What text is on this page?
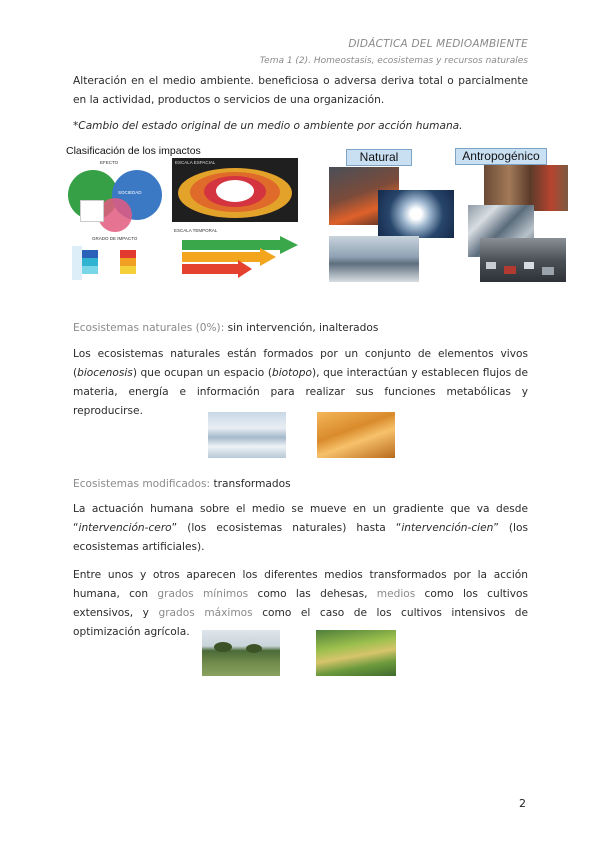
DIDÁCTICA DEL MEDIOAMBIENTE
Tema 1 (2). Homeostasis, ecosistemas y recursos naturales
Alteración en el medio ambiente. beneficiosa o adversa deriva total o parcialmente en la actividad, productos o servicios de una organización.
*Cambio del estado original de un medio o ambiente por acción humana.
Clasificación de los impactos
EFECTO
SOCIEDAD
ESCALA ESPACIAL
GRADO DE IMPACTO
ESCALA TEMPORAL
Natural	Antropogénico
Ecosistemas naturales (0%): sin intervención, inalterados
Los ecosistemas naturales están formados por un conjunto de elementos vivos (biocenosis) que ocupan un espacio (biotopo), que interactúan y establecen flujos de materia, energía e información para realizar sus funciones metabólicas y reproducirse.
Ecosistemas modificados: transformados
La actuación humana sobre el medio se mueve en un gradiente que va desde “intervención-cero” (los ecosistemas naturales) hasta “intervención-cien” (los ecosistemas artificiales).
Entre unos y otros aparecen los diferentes medios transformados por la acción humana, con grados mínimos como las dehesas, medios como los cultivos extensivos, y grados máximos como el caso de los cultivos intensivos de optimización agrícola.
2
